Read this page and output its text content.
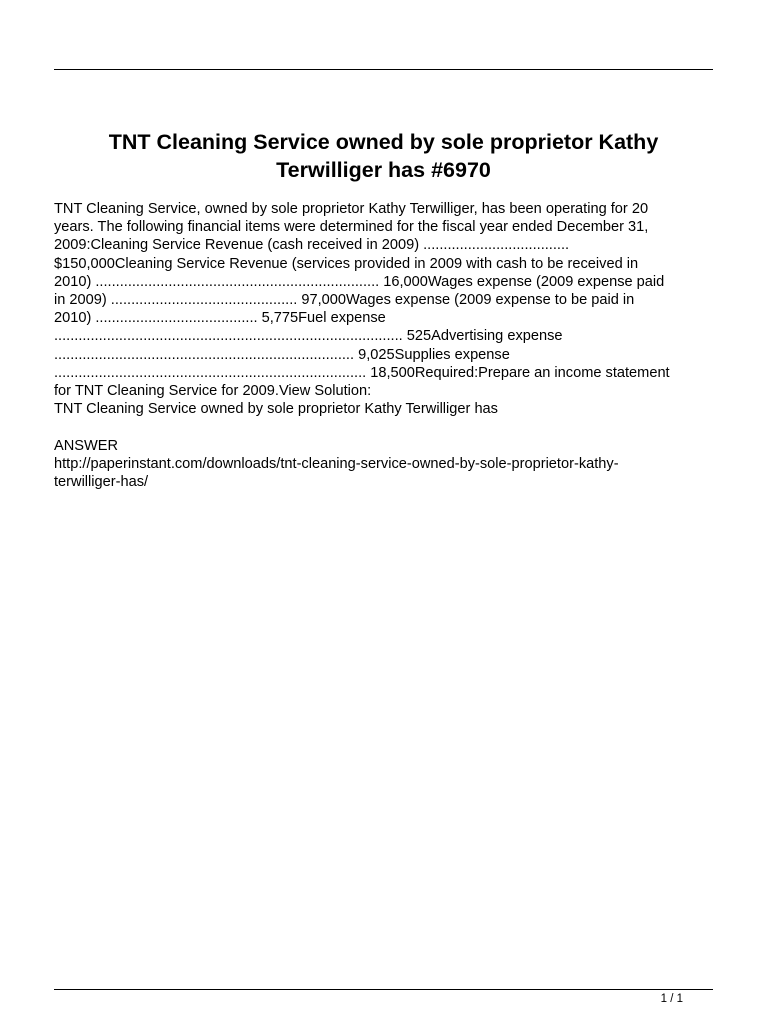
TNT Cleaning Service owned by sole proprietor Kathy
Terwilliger has #6970
TNT Cleaning Service, owned by sole proprietor Kathy Terwilliger, has been operating for 20
years. The following financial items were determined for the fiscal year ended December 31,
2009:Cleaning Service Revenue (cash received in 2009) ....................................
$150,000Cleaning Service Revenue (services provided in 2009 with cash to be received in
2010) ...................................................................... 16,000Wages expense (2009 expense paid
in 2009) .............................................. 97,000Wages expense (2009 expense to be paid in
2010) ........................................ 5,775Fuel expense
...................................................................................... 525Advertising expense
.......................................................................... 9,025Supplies expense
............................................................................. 18,500Required:Prepare an income statement
for TNT Cleaning Service for 2009.View Solution:
TNT Cleaning Service owned by sole proprietor Kathy Terwilliger has
ANSWER
http://paperinstant.com/downloads/tnt-cleaning-service-owned-by-sole-proprietor-kathy-
terwilliger-has/
1 / 1
